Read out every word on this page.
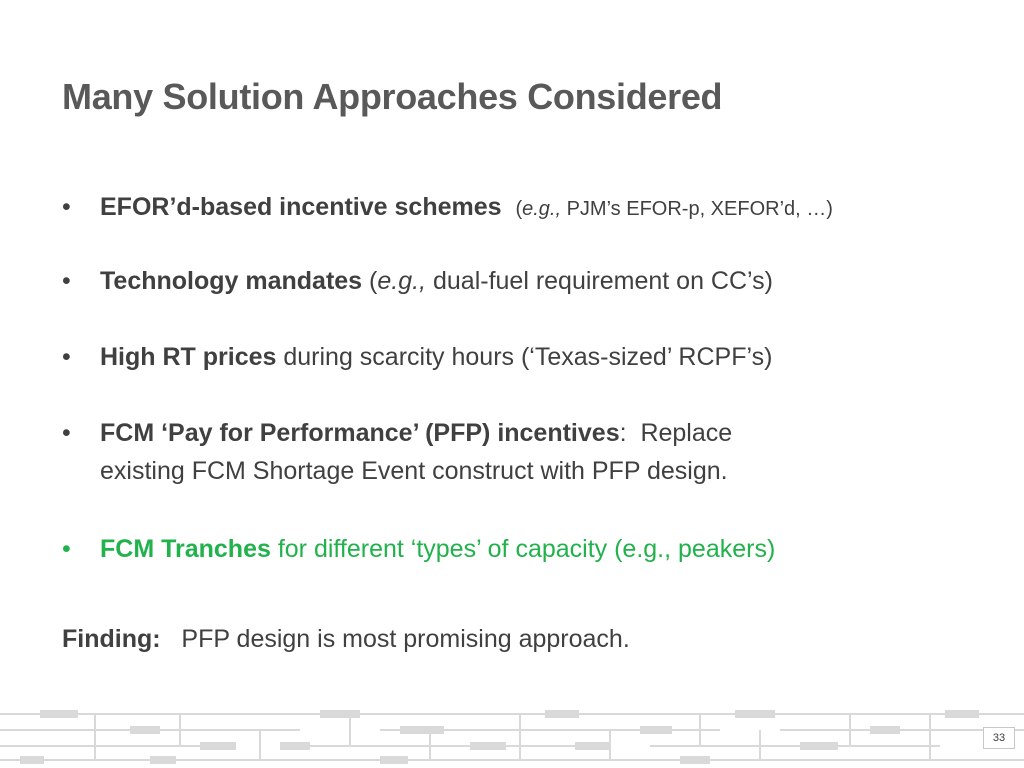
Many Solution Approaches Considered
•	EFOR’d-based incentive schemes (e.g., PJM’s EFOR-p, XEFOR’d, …)
•	Technology mandates (e.g., dual-fuel requirement on CC’s)
•	High RT prices during scarcity hours (‘Texas-sized’ RCPF’s)
•	FCM ‘Pay for Performance’ (PFP) incentives:  Replace
existing FCM Shortage Event construct with PFP design.
•	FCM Tranches for different ‘types’ of capacity (e.g., peakers)
Finding: PFP design is most promising approach.
33
